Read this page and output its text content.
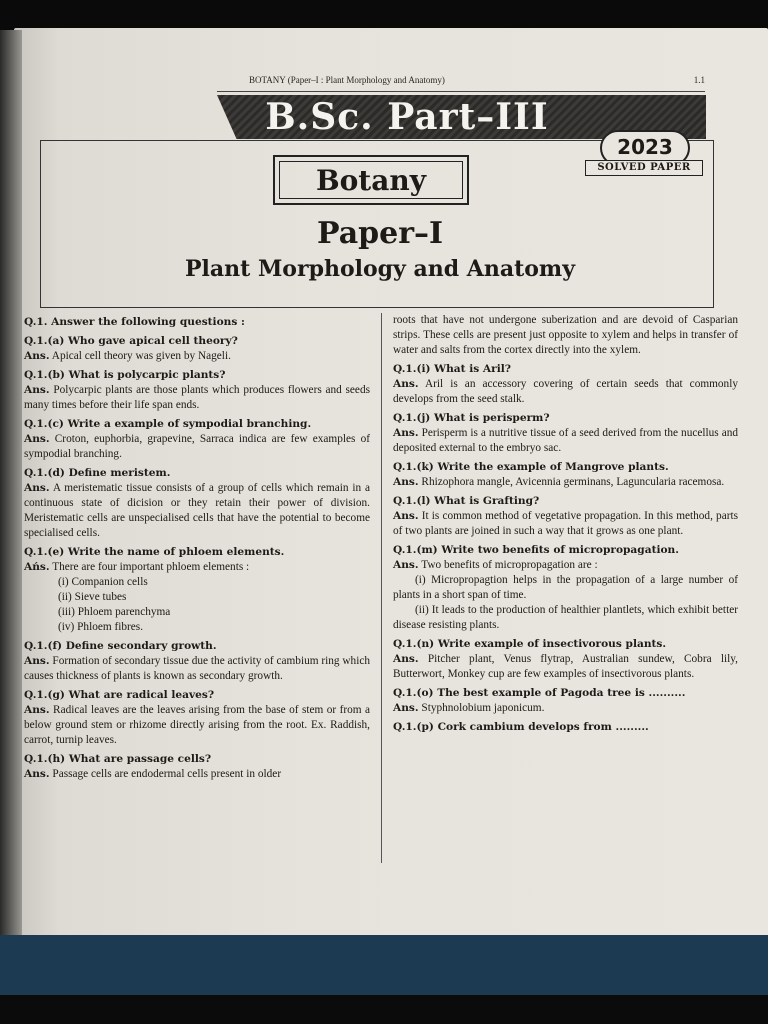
BOTANY (Paper–I : Plant Morphology and Anatomy)	1.1
B.Sc. Part–III
2023
SOLVED PAPER
Botany
Paper–I
Plant Morphology and Anatomy
Q.1. Answer the following questions :
Q.1.(a) Who gave apical cell theory?
Ans. Apical cell theory was given by Nageli.
Q.1.(b) What is polycarpic plants?
Ans. Polycarpic plants are those plants which produces flowers and seeds many times before their life span ends.
Q.1.(c) Write a example of sympodial branching.
Ans. Croton, euphorbia, grapevine, Sarraca indica are few examples of sympodial branching.
Q.1.(d) Define meristem.
Ans. A meristematic tissue consists of a group of cells which remain in a continuous state of dicision or they retain their power of division. Meristematic cells are unspecialised cells that have the potential to become specialised cells.
Q.1.(e) Write the name of phloem elements.
Ańs. There are four important phloem elements :
(i) Companion cells
(ii) Sieve tubes
(iii) Phloem parenchyma
(iv) Phloem fibres.
Q.1.(f) Define secondary growth.
Ans. Formation of secondary tissue due the activity of cambium ring which causes thickness of plants is known as secondary growth.
Q.1.(g) What are radical leaves?
Ans. Radical leaves are the leaves arising from the base of stem or from a below ground stem or rhizome directly arising from the root. Ex. Raddish, carrot, turnip leaves.
Q.1.(h) What are passage cells?
Ans. Passage cells are endodermal cells present in older
roots that have not undergone suberization and are devoid of Casparian strips. These cells are present just opposite to xylem and helps in transfer of water and salts from the cortex directly into the xylem.
Q.1.(i) What is Aril?
Ans. Aril is an accessory covering of certain seeds that commonly develops from the seed stalk.
Q.1.(j) What is perisperm?
Ans. Perisperm is a nutritive tissue of a seed derived from the nucellus and deposited external to the embryo sac.
Q.1.(k) Write the example of Mangrove plants.
Ans. Rhizophora mangle, Avicennia germinans, Laguncularia racemosa.
Q.1.(l) What is Grafting?
Ans. It is common method of vegetative propagation. In this method, parts of two plants are joined in such a way that it grows as one plant.
Q.1.(m) Write two benefits of micropropagation.
Ans. Two benefits of micropropagation are :
(i) Micropropagtion helps in the propagation of a large number of plants in a short span of time.
(ii) It leads to the production of healthier plantlets, which exhibit better disease resisting plants.
Q.1.(n) Write example of insectivorous plants.
Ans. Pitcher plant, Venus flytrap, Australian sundew, Cobra lily, Butterwort, Monkey cup are few examples of insectivorous plants.
Q.1.(o) The best example of Pagoda tree is ..........
Ans. Styphnolobium japonicum.
Q.1.(p) Cork cambium develops from .........
